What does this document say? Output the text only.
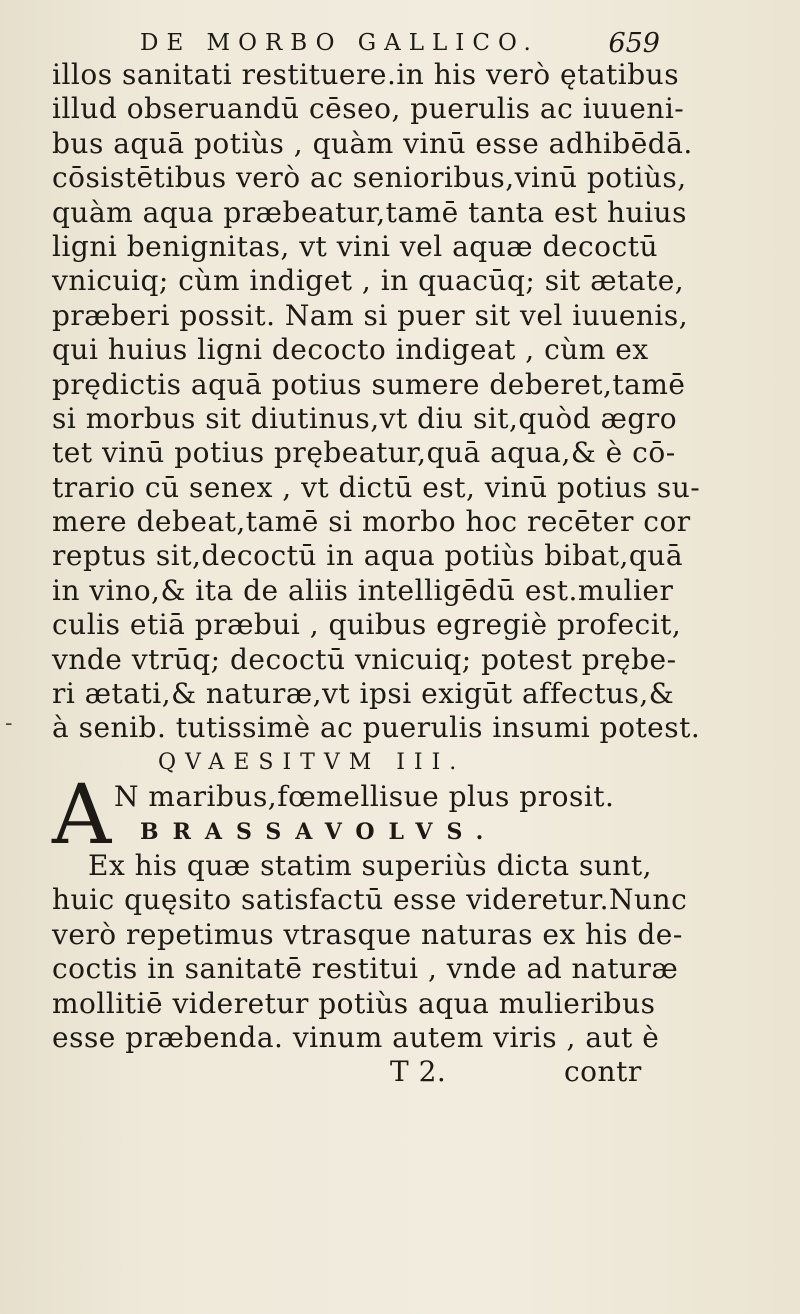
DE MORBO GALLICO.	659
-
illos sanitati restituere.in his verò ętatibus
illud obseruandū cēseo, puerulis ac iuueni-
bus aquā potiùs , quàm vinū esse adhibēdā.
cōsistētibus verò ac senioribus,vinū potiùs,
quàm aqua præbeatur,tamē tanta est huius
ligni benignitas, vt vini vel aquæ decoctū
vnicuiq; cùm indiget , in quacūq; sit ætate,
præberi possit. Nam si puer sit vel iuuenis,
qui huius ligni decocto indigeat , cùm ex
prędictis aquā potius sumere deberet,tamē
si morbus sit diutinus,vt diu sit,quòd ægro
tet vinū potius prębeatur,quā aqua,& è cō-
trario cū senex , vt dictū est, vinū potius su-
mere debeat,tamē si morbo hoc recēter cor
reptus sit,decoctū in aqua potiùs bibat,quā
in vino,& ita de aliis intelligēdū est.mulier
culis etiā præbui , quibus egregiè profecit,
vnde vtrūq; decoctū vnicuiq; potest prębe-
ri ætati,& naturæ,vt ipsi exigūt affectus,&
à senib. tutissimè ac puerulis insumi potest.
QVAESITVM III.
A N maribus,fœmellisue plus prosit.
BRASSAVOLVS.
Ex his quæ statim superiùs dicta sunt,
huic quęsito satisfactū esse videretur.Nunc
verò repetimus vtrasque naturas ex his de-
coctis in sanitatē restitui , vnde ad naturæ
mollitiē videretur potiùs aqua mulieribus
esse præbenda. vinum autem viris , aut è
T 2.	contr
